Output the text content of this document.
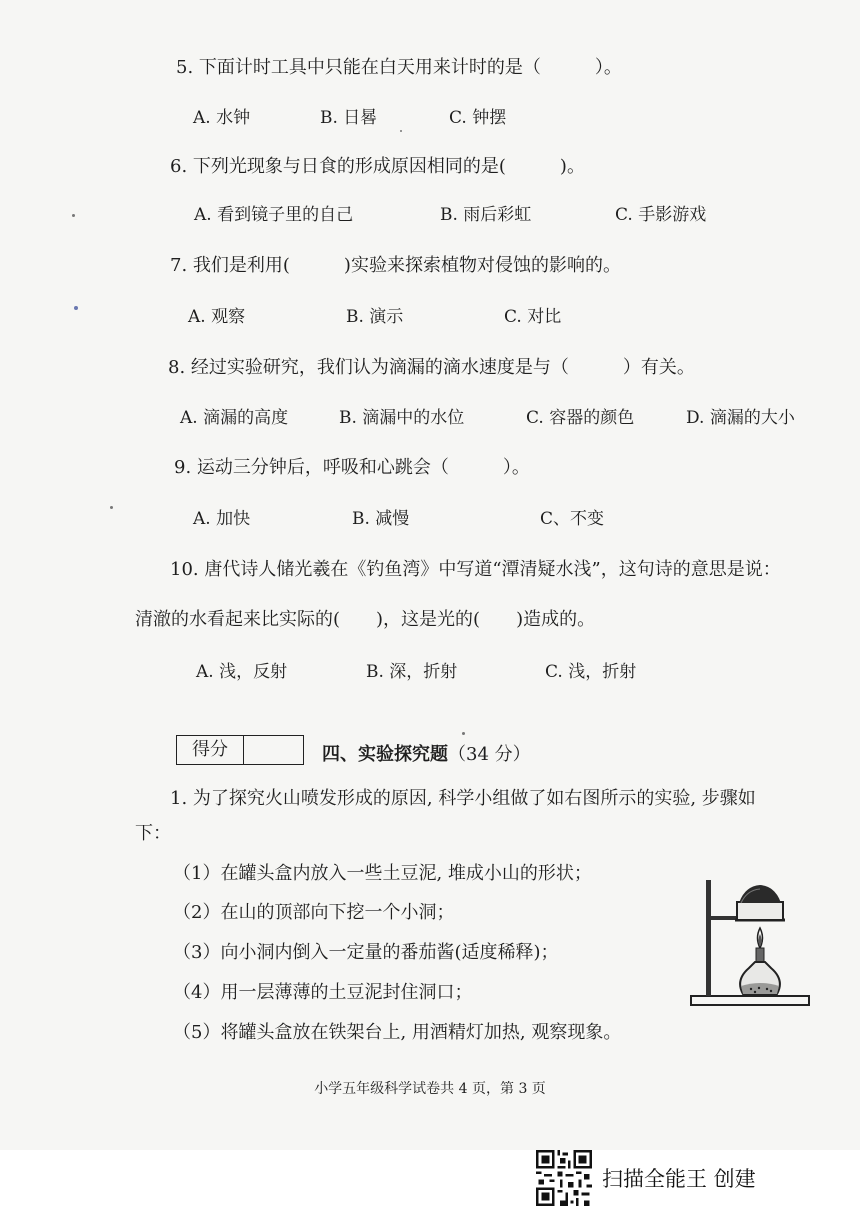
5. 下面计时工具中只能在白天用来计时的是（　　　）。
A. 水钟	B. 日晷	C. 钟摆
6. 下列光现象与日食的形成原因相同的是(　　　)。
A. 看到镜子里的自己	B. 雨后彩虹	C. 手影游戏
7. 我们是利用(　　　)实验来探索植物对侵蚀的影响的。
A. 观察	B. 演示	C. 对比
8. 经过实验研究，我们认为滴漏的滴水速度是与（　　　）有关。
A. 滴漏的高度	B. 滴漏中的水位	C. 容器的颜色	D. 滴漏的大小
9. 运动三分钟后，呼吸和心跳会（　　　）。
A. 加快	B. 减慢	C、不变
10. 唐代诗人储光羲在《钓鱼湾》中写道“潭清疑水浅”，这句诗的意思是说：
清澈的水看起来比实际的(　　)，这是光的(　　)造成的。
A. 浅，反射	B. 深，折射	C. 浅，折射
得分	四、实验探究题（34 分）
1. 为了探究火山喷发形成的原因, 科学小组做了如右图所示的实验, 步骤如
下：
（1）在罐头盒内放入一些土豆泥, 堆成小山的形状；
（2）在山的顶部向下挖一个小洞；
（3）向小洞内倒入一定量的番茄酱(适度稀释)；
（4）用一层薄薄的土豆泥封住洞口；
（5）将罐头盒放在铁架台上, 用酒精灯加热, 观察现象。
小学五年级科学试卷共 4 页，第 3 页
扫描全能王 创建
